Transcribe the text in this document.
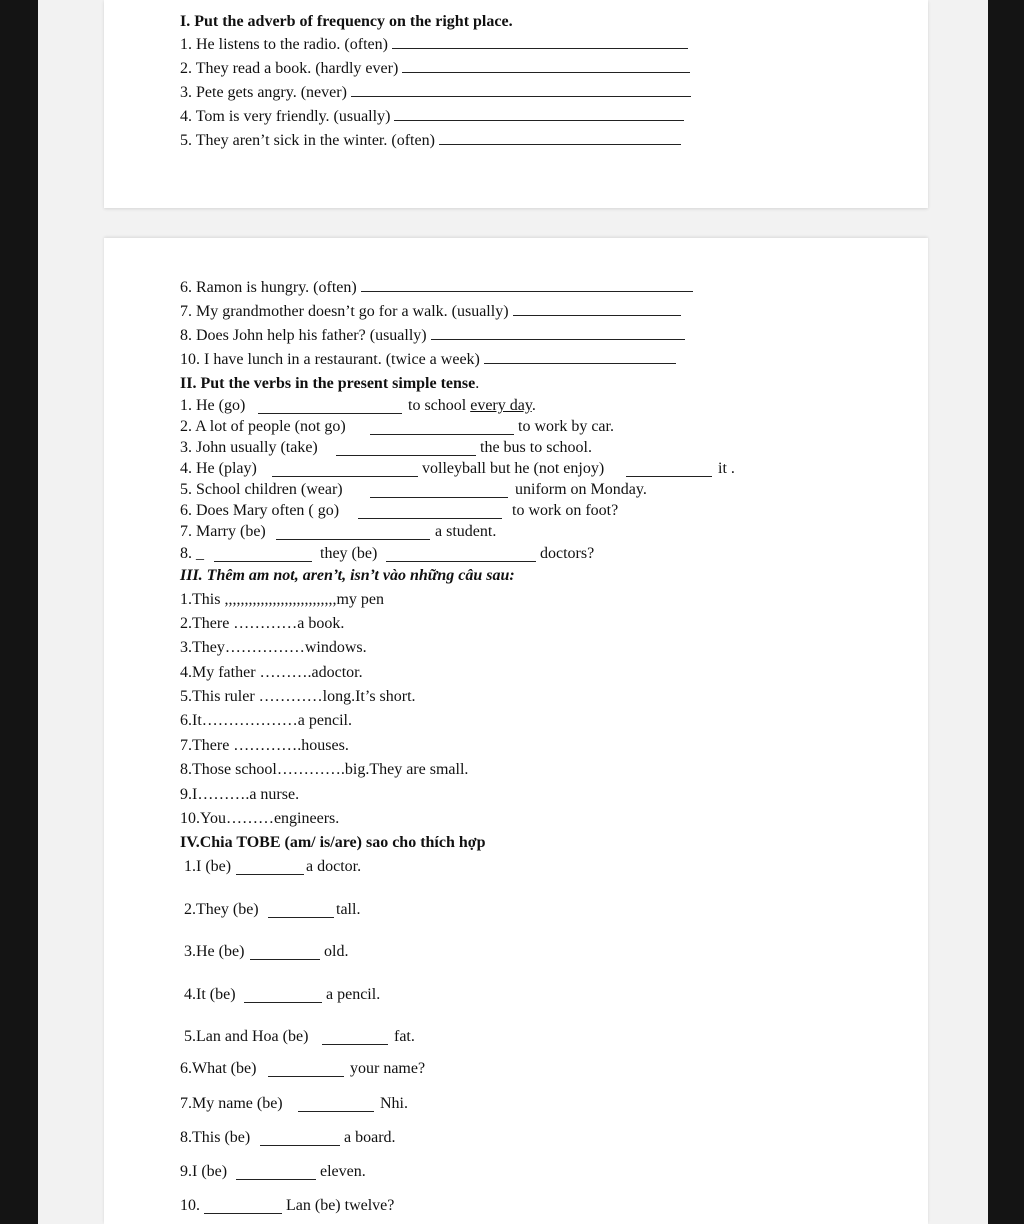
I. Put the adverb of frequency on the right place.
1. He listens to the radio. (often)
2. They read a book. (hardly ever)
3. Pete gets angry. (never)
4. Tom is very friendly. (usually)
5. They aren’t sick in the winter. (often)
6. Ramon is hungry. (often)
7. My grandmother doesn’t go for a walk. (usually)
8. Does John help his father? (usually)
10. I have lunch in a restaurant. (twice a week)
II. Put the verbs in the present simple tense.
1. He (go)	to school every day.
2. A lot of people (not go)	to work by car.
3. John usually (take)	the bus to school.
4. He (play)	volleyball but he (not enjoy)	it .
5. School children (wear)	uniform on Monday.
6. Does Mary often ( go)	to work on foot?
7. Marry (be)	a student.
8. _	they (be)	doctors?
III. Thêm am not, aren’t, isn’t vào những câu sau:
1.This ,,,,,,,,,,,,,,,,,,,,,,,,,,,,my pen
2.There …………a book.
3.They……………windows.
4.My father ……….adoctor.
5.This ruler …………long.It’s short.
6.It………………a pencil.
7.There ………….houses.
8.Those school………….big.They are small.
9.I……….a nurse.
10.You………engineers.
IV.Chia TOBE (am/ is/are) sao cho thích hợp
1.I (be)	a doctor.
2.They (be)	tall.
3.He (be)	old.
4.It (be)	a pencil.
5.Lan and Hoa (be)	fat.
6.What (be)	your name?
7.My name (be)	Nhi.
8.This (be)	a board.
9.I (be)	eleven.
10.	Lan (be) twelve?
